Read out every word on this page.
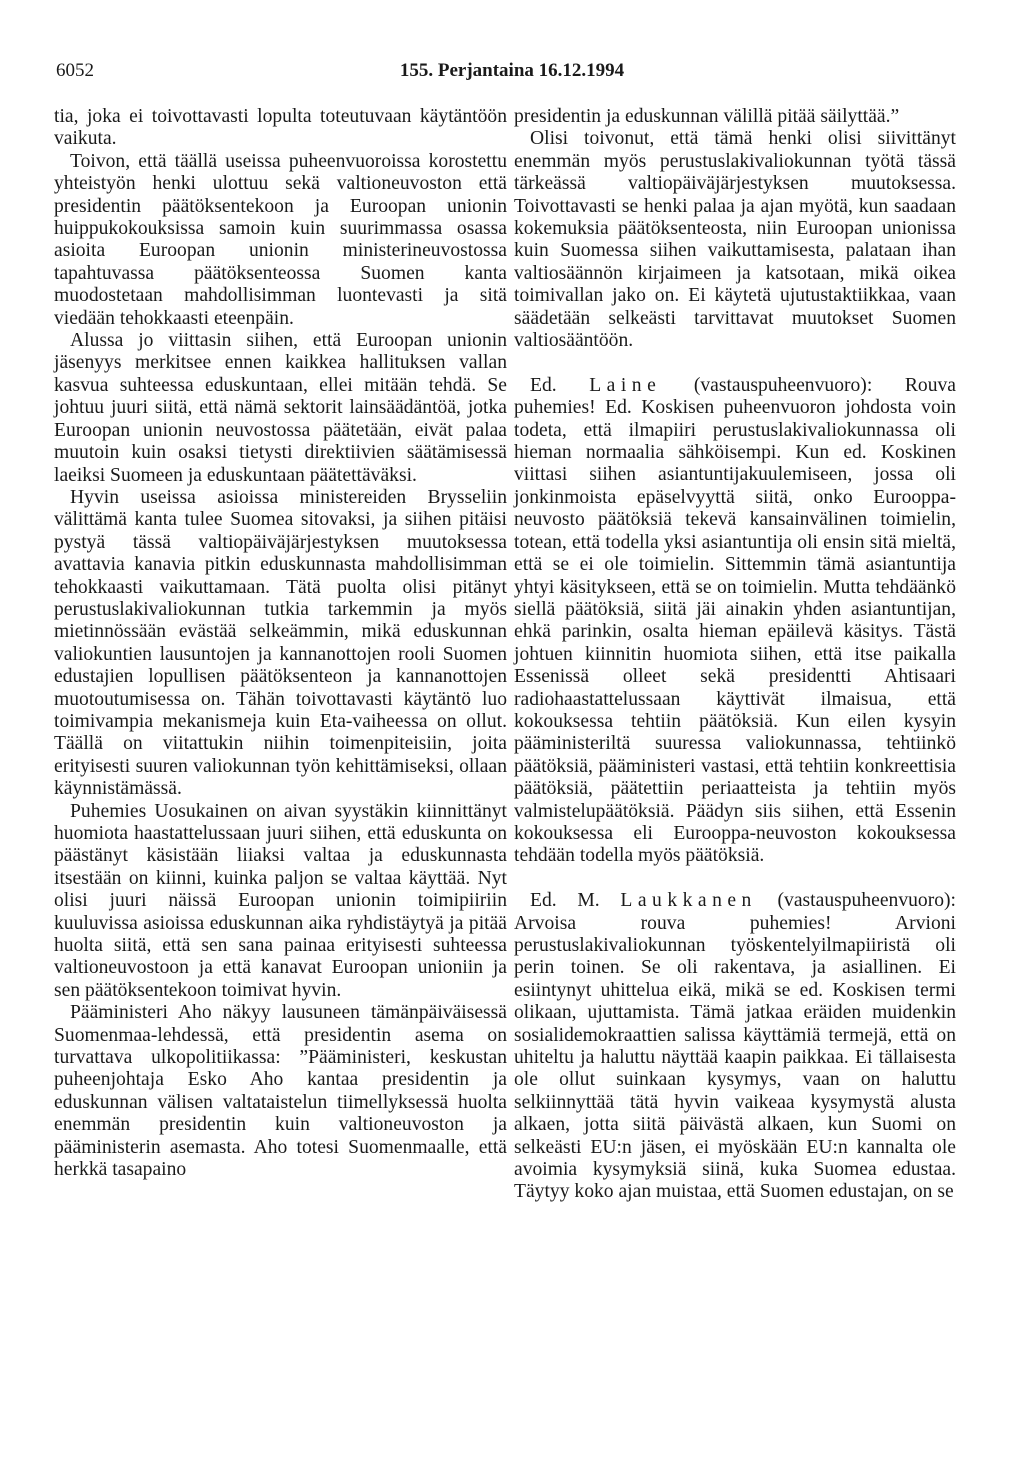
6052	155. Perjantaina 16.12.1994

tia, joka ei toivottavasti lopulta toteutuvaan käytäntöön vaikuta.

Toivon, että täällä useissa puheenvuoroissa korostettu yhteistyön henki ulottuu sekä valtioneuvoston että presidentin päätöksentekoon ja Euroopan unionin huippukokouksissa samoin kuin suurimmassa osassa asioita Euroopan unionin ministerineuvostossa tapahtuvassa päätöksenteossa Suomen kanta muodostetaan mahdollisimman luontevasti ja sitä viedään tehokkaasti eteenpäin.

Alussa jo viittasin siihen, että Euroopan unionin jäsenyys merkitsee ennen kaikkea hallituksen vallan kasvua suhteessa eduskuntaan, ellei mitään tehdä. Se johtuu juuri siitä, että nämä sektorit lainsäädäntöä, jotka Euroopan unionin neuvostossa päätetään, eivät palaa muutoin kuin osaksi tietysti direktiivien säätämisessä laeiksi Suomeen ja eduskuntaan päätettäväksi.

Hyvin useissa asioissa ministereiden Brysseliin välittämä kanta tulee Suomea sitovaksi, ja siihen pitäisi pystyä tässä valtiopäiväjärjestyksen muutoksessa avattavia kanavia pitkin eduskunnasta mahdollisimman tehokkaasti vaikuttamaan. Tätä puolta olisi pitänyt perustuslakivaliokunnan tutkia tarkemmin ja myös mietinnössään evästää selkeämmin, mikä eduskunnan valiokuntien lausuntojen ja kannanottojen rooli Suomen edustajien lopullisen päätöksenteon ja kannanottojen muotoutumisessa on. Tähän toivottavasti käytäntö luo toimivampia mekanismeja kuin Eta-vaiheessa on ollut. Täällä on viitattukin niihin toimenpiteisiin, joita erityisesti suuren valiokunnan työn kehittämiseksi, ollaan käynnistämässä.

Puhemies Uosukainen on aivan syystäkin kiinnittänyt huomiota haastattelussaan juuri siihen, että eduskunta on päästänyt käsistään liiaksi valtaa ja eduskunnasta itsestään on kiinni, kuinka paljon se valtaa käyttää. Nyt olisi juuri näissä Euroopan unionin toimipiiriin kuuluvissa asioissa eduskunnan aika ryhdistäytyä ja pitää huolta siitä, että sen sana painaa erityisesti suhteessa valtioneuvostoon ja että kanavat Euroopan unioniin ja sen päätöksentekoon toimivat hyvin.

Pääministeri Aho näkyy lausuneen tämänpäiväisessä Suomenmaa-lehdessä, että presidentin asema on turvattava ulkopolitiikassa: ”Pääministeri, keskustan puheenjohtaja Esko Aho kantaa presidentin ja eduskunnan välisen valtataistelun tiimellyksessä huolta enemmän presidentin kuin valtioneuvoston ja pääministerin asemasta. Aho totesi Suomenmaalle, että herkkä tasapaino

presidentin ja eduskunnan välillä pitää säilyttää.”

Olisi toivonut, että tämä henki olisi siivittänyt enemmän myös perustuslakivaliokunnan työtä tässä tärkeässä valtiopäiväjärjestyksen muutoksessa. Toivottavasti se henki palaa ja ajan myötä, kun saadaan kokemuksia päätöksenteosta, niin Euroopan unionissa kuin Suomessa siihen vaikuttamisesta, palataan ihan valtiosäännön kirjaimeen ja katsotaan, mikä oikea toimivallan jako on. Ei käytetä ujutustaktiikkaa, vaan säädetään selkeästi tarvittavat muutokset Suomen valtiosääntöön.

Ed. Laine (vastauspuheenvuoro): Rouva puhemies! Ed. Koskisen puheenvuoron johdosta voin todeta, että ilmapiiri perustuslakivaliokunnassa oli hieman normaalia sähköisempi. Kun ed. Koskinen viittasi siihen asiantuntijakuulemiseen, jossa oli jonkinmoista epäselvyyttä siitä, onko Eurooppa-neuvosto päätöksiä tekevä kansainvälinen toimielin, totean, että todella yksi asiantuntija oli ensin sitä mieltä, että se ei ole toimielin. Sittemmin tämä asiantuntija yhtyi käsitykseen, että se on toimielin. Mutta tehdäänkö siellä päätöksiä, siitä jäi ainakin yhden asiantuntijan, ehkä parinkin, osalta hieman epäilevä käsitys. Tästä johtuen kiinnitin huomiota siihen, että itse paikalla Essenissä olleet sekä presidentti Ahtisaari radiohaastattelussaan käyttivät ilmaisua, että kokouksessa tehtiin päätöksiä. Kun eilen kysyin pääministeriltä suuressa valiokunnassa, tehtiinkö päätöksiä, pääministeri vastasi, että tehtiin konkreettisia päätöksiä, päätettiin periaatteista ja tehtiin myös valmistelupäätöksiä. Päädyn siis siihen, että Essenin kokouksessa eli Eurooppa-neuvoston kokouksessa tehdään todella myös päätöksiä.

Ed. M. Laukkanen (vastauspuheenvuoro): Arvoisa rouva puhemies! Arvioni perustuslakivaliokunnan työskentelyilmapiiristä oli perin toinen. Se oli rakentava, ja asiallinen. Ei esiintynyt uhittelua eikä, mikä se ed. Koskisen termi olikaan, ujuttamista. Tämä jatkaa eräiden muidenkin sosialidemokraattien salissa käyttämiä termejä, että on uhiteltu ja haluttu näyttää kaapin paikkaa. Ei tällaisesta ole ollut suinkaan kysymys, vaan on haluttu selkiinnyttää tätä hyvin vaikeaa kysymystä alusta alkaen, jotta siitä päivästä alkaen, kun Suomi on selkeästi EU:n jäsen, ei myöskään EU:n kannalta ole avoimia kysymyksiä siinä, kuka Suomea edustaa. Täytyy koko ajan muistaa, että Suomen edustajan, on se
